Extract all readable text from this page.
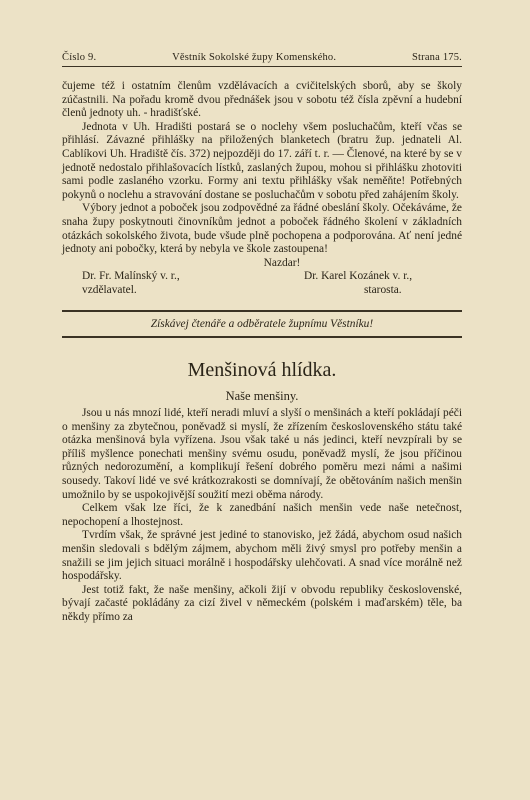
Číslo 9.	Věstník Sokolské župy Komenského.	Strana 175.

čujeme též i ostatním členům vzdělávacích a cvičitelských sborů, aby se školy zúčastnili. Na pořadu kromě dvou přednášek jsou v sobotu též čísla zpěvní a hudební členů jednoty uh. - hradišťské.

Jednota v Uh. Hradišti postará se o noclehy všem posluchačům, kteří včas se přihlásí. Závazné přihlášky na přiložených blanketech (bratru žup. jednateli Al. Cablíkovi Uh. Hradiště čís. 372) nejpozději do 17. září t. r. — Členové, na které by se v jednotě nedostalo přihlašovacích lístků, zaslaných župou, mohou si přihlášku zhotoviti sami podle zaslaného vzorku. Formy ani textu přihlášky však neměňte! Potřebných pokynů o noclehu a stravování dostane se posluchačům v sobotu před zahájením školy.

Výbory jednot a poboček jsou zodpovědné za řádné obeslání školy. Očekáváme, že snaha župy poskytnouti činovníkům jednot a poboček řádného školení v základních otázkách sokolského života, bude všude plně pochopena a podporována. Ať není jedné jednoty ani pobočky, která by nebyla ve škole zastoupena!

Nazdar!

Dr. Fr. Malínský v. r.,
vzdělavatel.
Dr. Karel Kozánek v. r.,
starosta.
Získávej čtenáře a odběratele župnímu Věstníku!
Menšinová hlídka.
Naše menšiny.

Jsou u nás mnozí lidé, kteří neradi mluví a slyší o menšinách a kteří pokládají péči o menšiny za zbytečnou, poněvadž si myslí, že zřízením československého státu také otázka menšinová byla vyřízena. Jsou však také u nás jedinci, kteří nevzpírali by se příliš myšlence ponechati menšiny svému osudu, poněvadž myslí, že jsou příčinou různých nedorozumění, a komplikují řešení dobrého poměru mezi námi a našimi sousedy. Takoví lidé ve své krátkozrakosti se domnívají, že obětováním našich menšin umožnilo by se uspokojivější soužití mezi oběma národy.

Celkem však lze říci, že k zanedbání našich menšin vede naše netečnost, nepochopení a lhostejnost.

Tvrdím však, že správné jest jediné to stanovisko, jež žádá, abychom osud našich menšin sledovali s bdělým zájmem, abychom měli živý smysl pro potřeby menšin a snažili se jim jejich situaci morálně i hospodářsky ulehčovati. A snad více morálně než hospodářsky.

Jest totiž fakt, že naše menšiny, ačkoli žijí v obvodu republiky československé, bývají začasté pokládány za cizí živel v německém (polském i maďarském) těle, ba někdy přímo za
